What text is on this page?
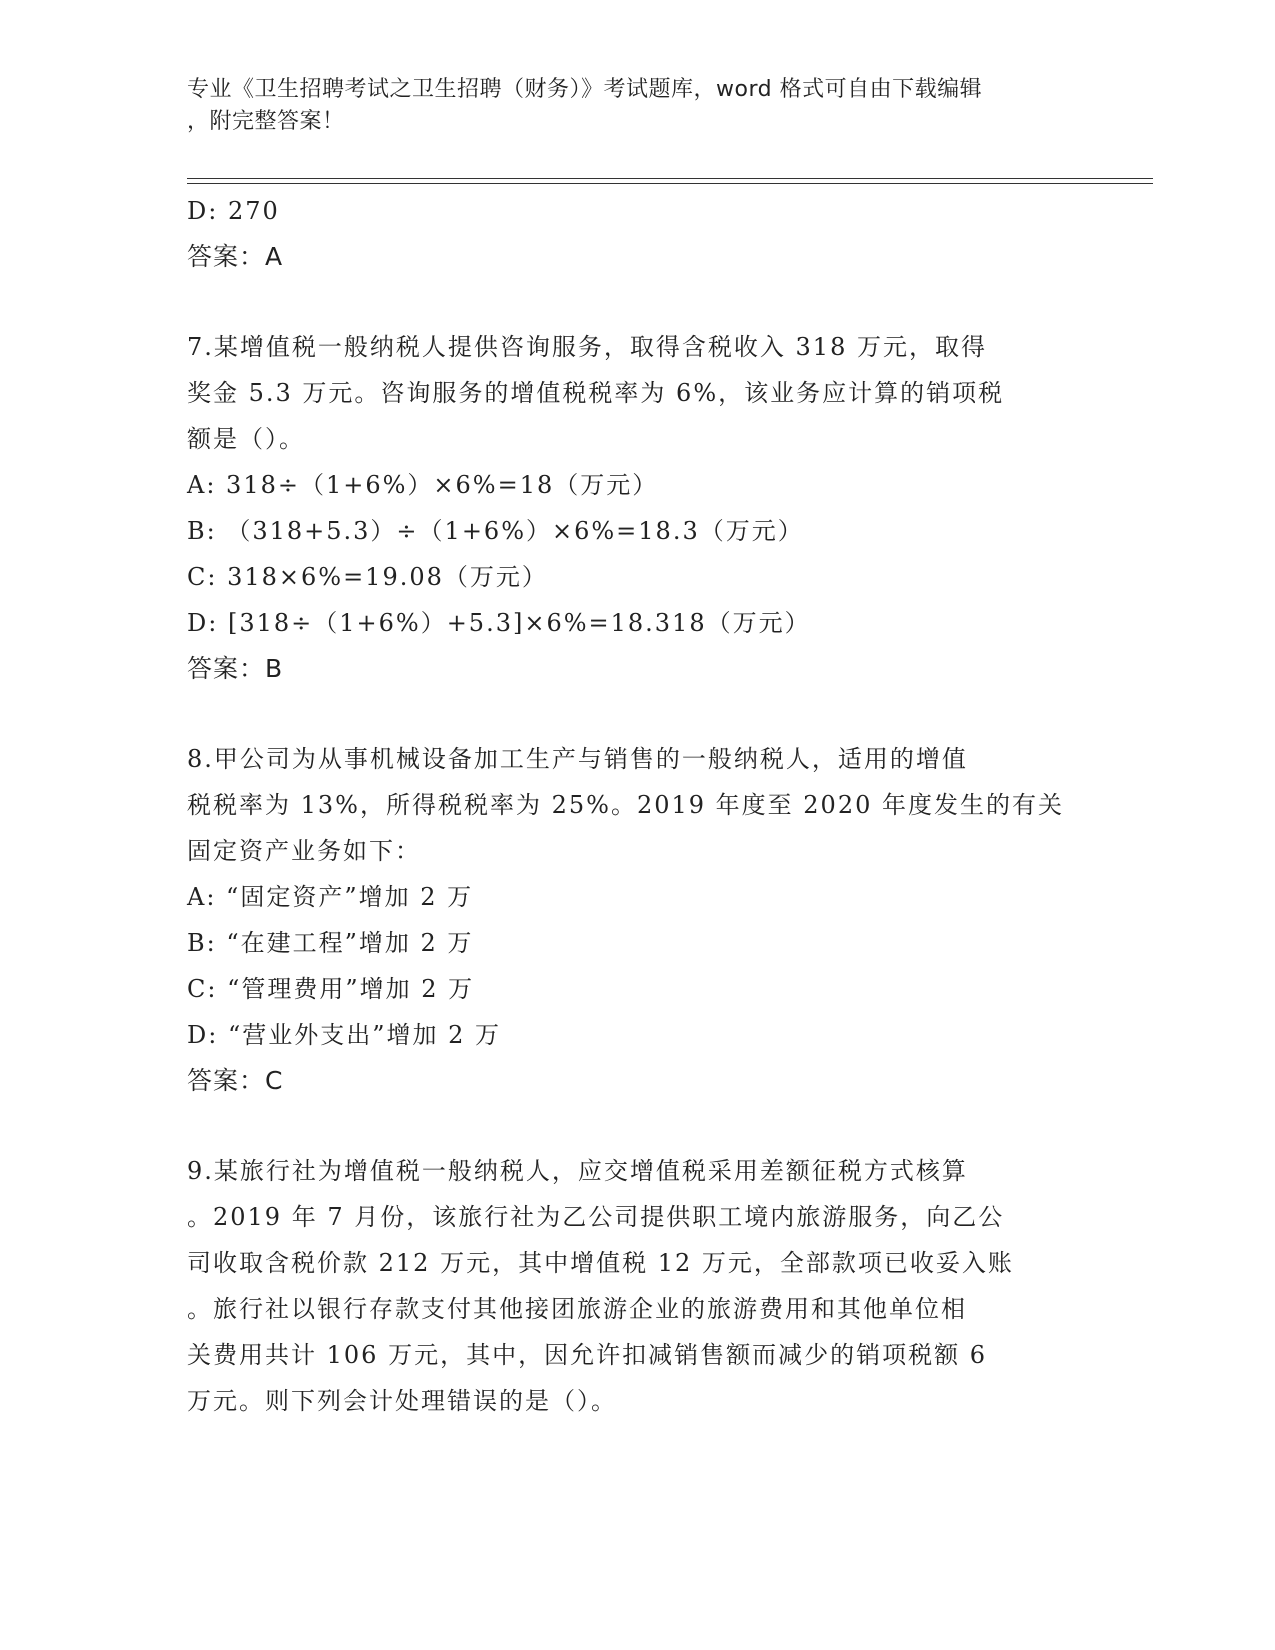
专业《卫生招聘考试之卫生招聘（财务）》考试题库，word 格式可自由下载编辑
，附完整答案！
D: 270
答案：A
7.某增值税一般纳税人提供咨询服务，取得含税收入 318 万元，取得
奖金 5.3 万元。咨询服务的增值税税率为 6%，该业务应计算的销项税
额是（）。
A: 318÷（1+6%）×6%=18（万元）
B: （318+5.3）÷（1+6%）×6%=18.3（万元）
C: 318×6%=19.08（万元）
D: [318÷（1+6%）+5.3]×6%=18.318（万元）
答案：B
8.甲公司为从事机械设备加工生产与销售的一般纳税人，适用的增值
税税率为 13%，所得税税率为 25%。2019 年度至 2020 年度发生的有关
固定资产业务如下：
A: “固定资产”增加 2 万
B: “在建工程”增加 2 万
C: “管理费用”增加 2 万
D: “营业外支出”增加 2 万
答案：C
9.某旅行社为增值税一般纳税人，应交增值税采用差额征税方式核算
。2019 年 7 月份，该旅行社为乙公司提供职工境内旅游服务，向乙公
司收取含税价款 212 万元，其中增值税 12 万元，全部款项已收妥入账
。旅行社以银行存款支付其他接团旅游企业的旅游费用和其他单位相
关费用共计 106 万元，其中，因允许扣减销售额而减少的销项税额 6
万元。则下列会计处理错误的是（）。
